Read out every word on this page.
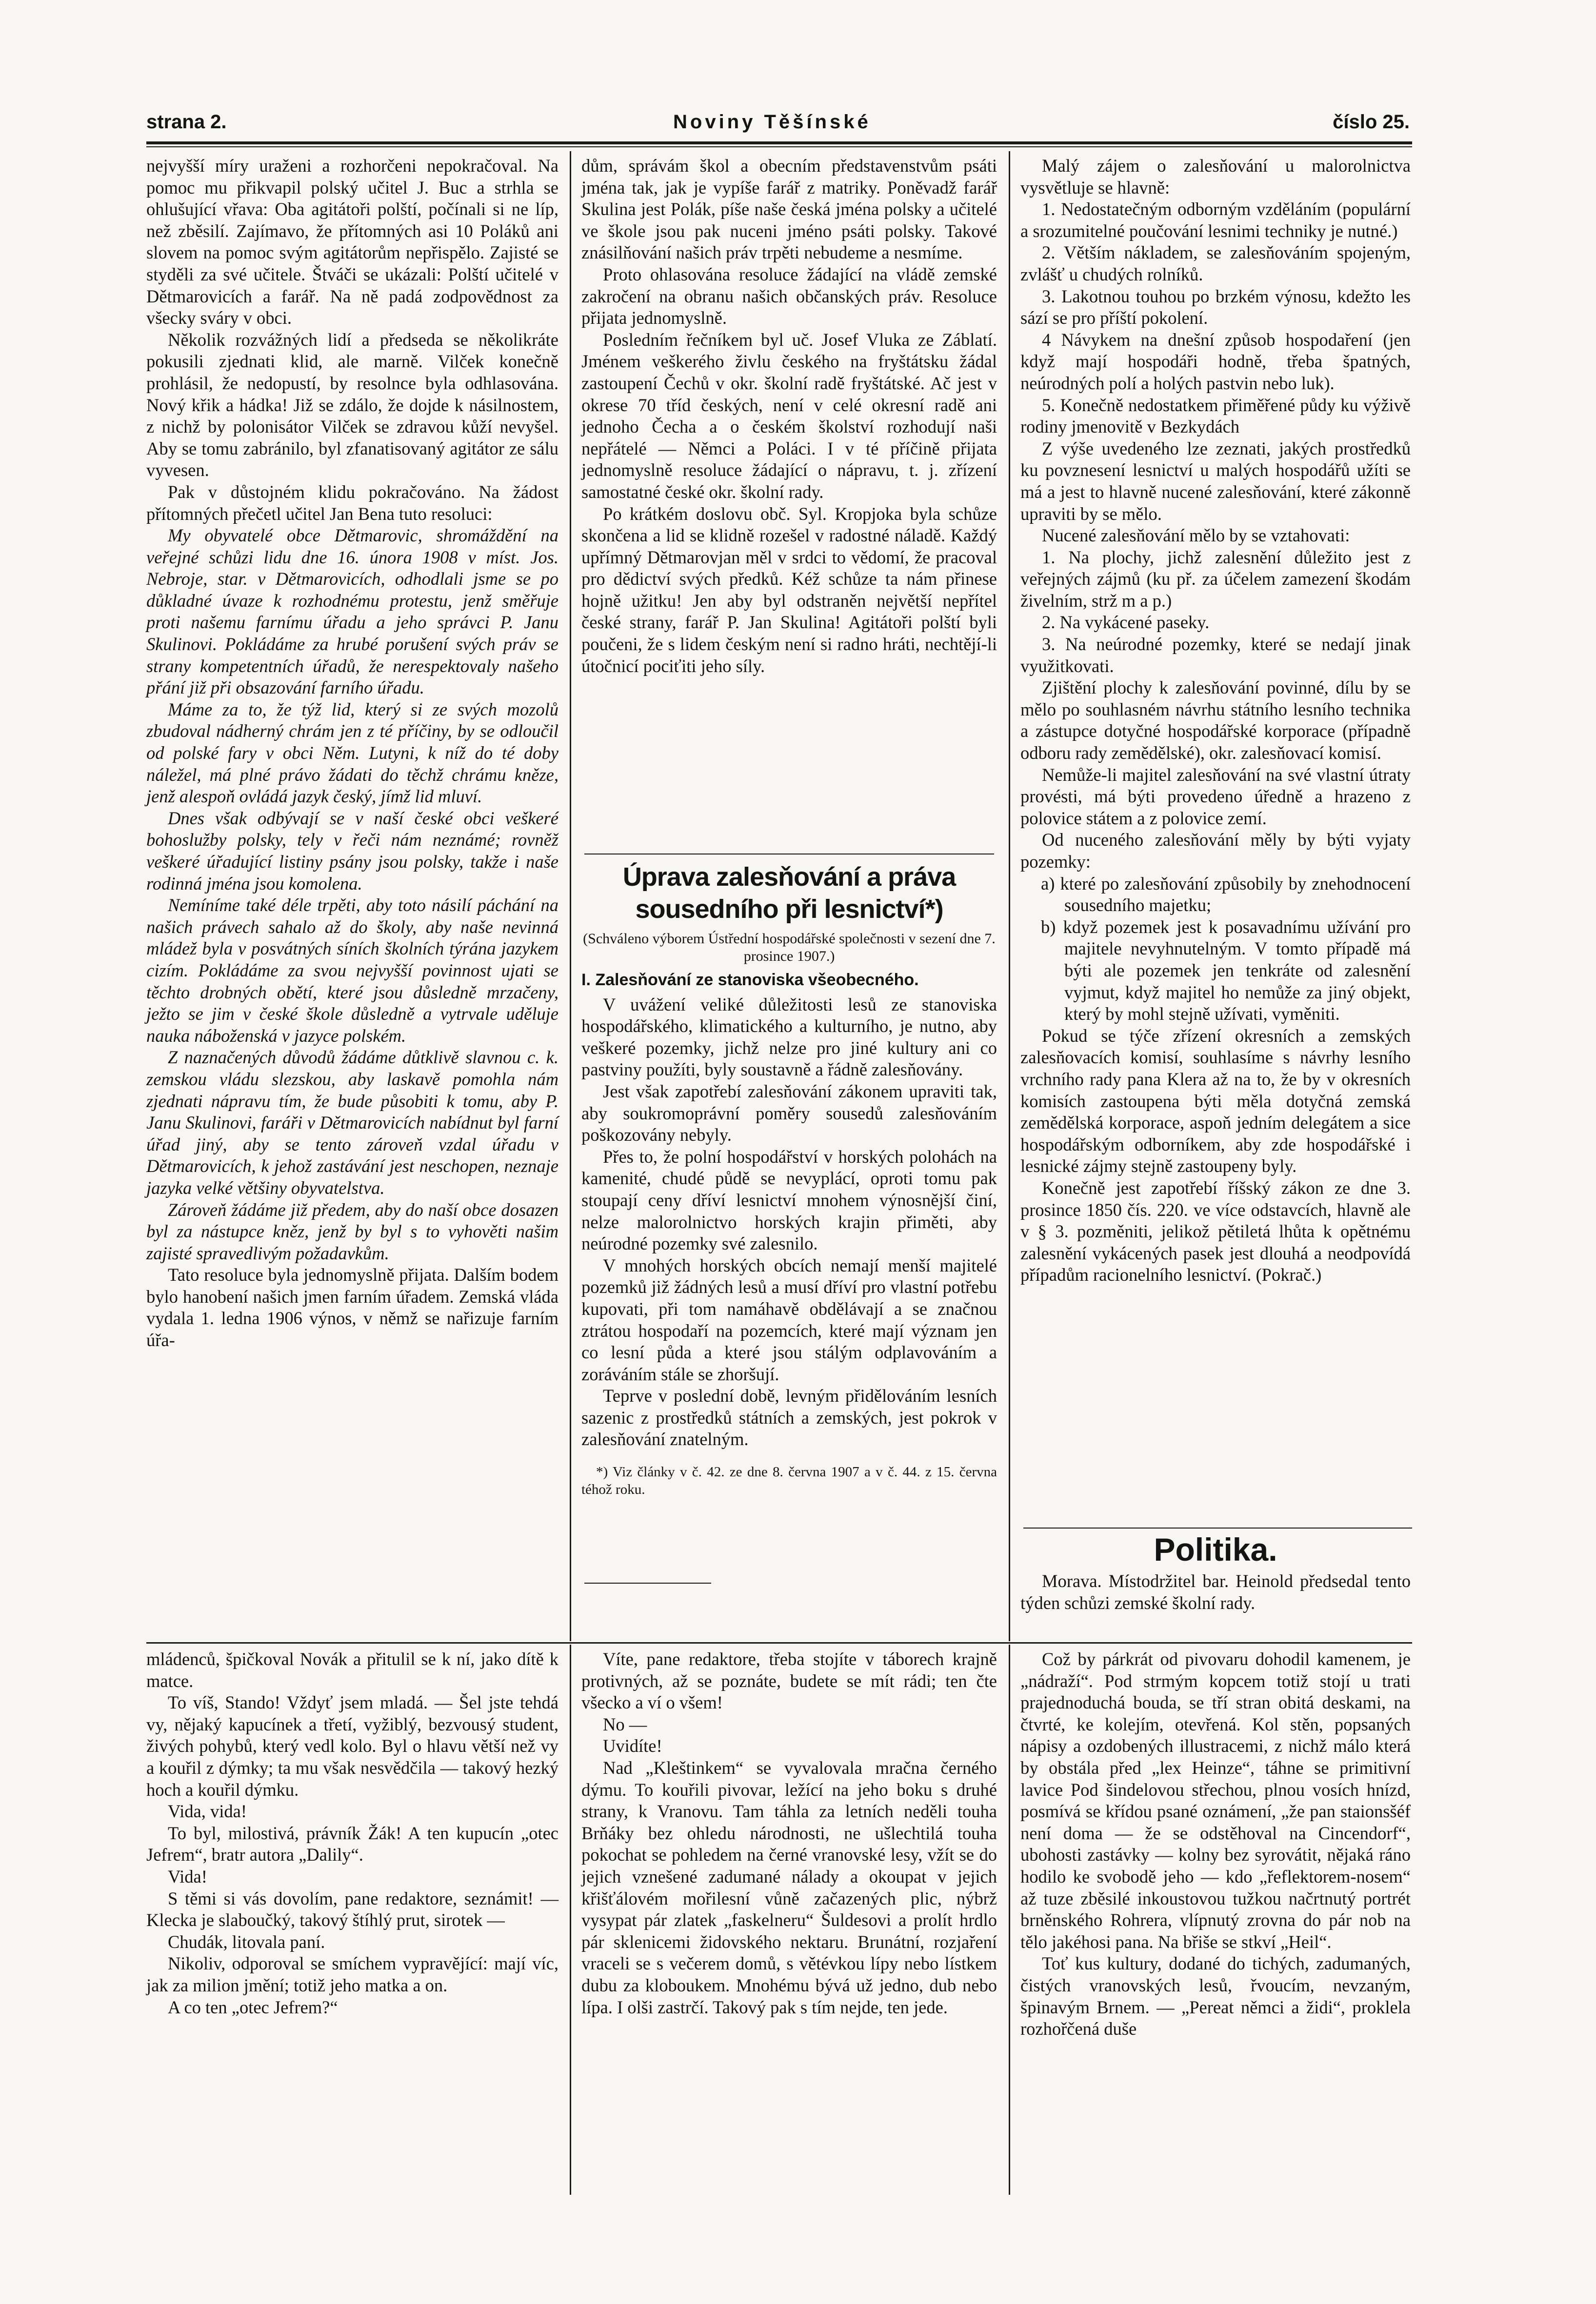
strana 2.	Noviny Těšínské	číslo 25.

nejvyšší míry uraženi a rozhorčeni nepokračoval. Na pomoc mu přikvapil polský učitel J. Buc a strhla se ohlušující vřava: Oba agitátoři polští, počínali si ne líp, než zběsilí. Zajímavo, že přítomných asi 10 Poláků ani slovem na pomoc svým agitátorům nepřispělo. Zajisté se styděli za své učitele. Štváči se ukázali: Polští učitelé v Dětmarovicích a farář. Na ně padá zodpovědnost za všecky sváry v obci.

Několik rozvážných lidí a předseda se několikráte pokusili zjednati klid, ale marně. Vilček konečně prohlásil, že nedopustí, by resolnce byla odhlasována. Nový křik a hádka! Již se zdálo, že dojde k násilnostem, z nichž by polonisátor Vilček se zdravou kůží nevyšel. Aby se tomu zabránilo, byl zfanatisovaný agitátor ze sálu vyvesen.

Pak v důstojném klidu pokračováno. Na žádost přítomných přečetl učitel Jan Bena tuto resoluci:

My obyvatelé obce Dětmarovic, shromáždění na veřejné schůzi lidu dne 16. února 1908 v míst. Jos. Nebroje, star. v Dětmarovicích, odhodlali jsme se po důkladné úvaze k rozhodnému protestu, jenž směřuje proti našemu farnímu úřadu a jeho správci P. Janu Skulinovi. Pokládáme za hrubé porušení svých práv se strany kompetentních úřadů, že nerespektovaly našeho přání již při obsazování farního úřadu.

Máme za to, že týž lid, který si ze svých mozolů zbudoval nádherný chrám jen z té příčiny, by se odloučil od polské fary v obci Něm. Lutyni, k níž do té doby náležel, má plné právo žádati do těchž chrámu kněze, jenž alespoň ovládá jazyk český, jímž lid mluví.

Dnes však odbývají se v naší české obci veškeré bohoslužby polsky, tely v řeči nám neznámé; rovněž veškeré úřadující listiny psány jsou polsky, takže i naše rodinná jména jsou komolena.

Nemíníme také déle trpěti, aby toto násilí páchání na našich právech sahalo až do školy, aby naše nevinná mládež byla v posvátných síních školních týrána jazykem cizím. Pokládáme za svou nejvyšší povinnost ujati se těchto drobných obětí, které jsou důsledně mrzačeny, ježto se jim v české škole důsledně a vytrvale uděluje nauka náboženská v jazyce polském.

Z naznačených důvodů žádáme důtklivě slavnou c. k. zemskou vládu slezskou, aby laskavě pomohla nám zjednati nápravu tím, že bude působiti k tomu, aby P. Janu Skulinovi, faráři v Dětmarovicích nabídnut byl farní úřad jiný, aby se tento zároveň vzdal úřadu v Dětmarovicích, k jehož zastávání jest neschopen, neznaje jazyka velké většiny obyvatelstva.

Zároveň žádáme již předem, aby do naší obce dosazen byl za nástupce kněz, jenž by byl s to vyhověti našim zajisté spravedlivým požadavkům.

Tato resoluce byla jednomyslně přijata. Dalším bodem bylo hanobení našich jmen farním úřadem. Zemská vláda vydala 1. ledna 1906 výnos, v němž se nařizuje farním úřa-

dům, správám škol a obecním představenstvům psáti jména tak, jak je vypíše farář z matriky. Poněvadž farář Skulina jest Polák, píše naše česká jména polsky a učitelé ve škole jsou pak nuceni jméno psáti polsky. Takové znásilňování našich práv trpěti nebudeme a nesmíme.

Proto ohlasována resoluce žádající na vládě zemské zakročení na obranu našich občanských práv. Resoluce přijata jednomyslně.

Posledním řečníkem byl uč. Josef Vluka ze Záblatí. Jménem veškerého živlu českého na fryštátsku žádal zastoupení Čechů v okr. školní radě fryštátské. Ač jest v okrese 70 tříd českých, není v celé okresní radě ani jednoho Čecha a o českém školství rozhodují naši nepřátelé — Němci a Poláci. I v té příčině přijata jednomyslně resoluce žádající o nápravu, t. j. zřízení samostatné české okr. školní rady.

Po krátkém doslovu obč. Syl. Kropjoka byla schůze skončena a lid se klidně rozešel v radostné náladě. Každý upřímný Dětmarovjan měl v srdci to vědomí, že pracoval pro dědictví svých předků. Kéž schůze ta nám přinese hojně užitku! Jen aby byl odstraněn největší nepřítel české strany, farář P. Jan Skulina! Agitátoři polští byli poučeni, že s lidem českým není si radno hráti, nechtějí-li útočnicí pociťiti jeho síly.

Úprava zalesňování a práva sousedního při lesnictví*)
(Schváleno výborem Ústřední hospodářské společnosti v sezení dne 7. prosince 1907.)
I. Zalesňování ze stanoviska všeobecného.

V uvážení veliké důležitosti lesů ze stanoviska hospodářského, klimatického a kulturního, je nutno, aby veškeré pozemky, jichž nelze pro jiné kultury ani co pastviny použíti, byly soustavně a řádně zalesňovány.

Jest však zapotřebí zalesňování zákonem upraviti tak, aby soukromoprávní poměry sousedů zalesňováním poškozovány nebyly.

Přes to, že polní hospodářství v horských polohách na kamenité, chudé půdě se nevyplácí, oproti tomu pak stoupají ceny dříví lesnictví mnohem výnosnější činí, nelze malorolnictvo horských krajin přiměti, aby neúrodné pozemky své zalesnilo.

V mnohých horských obcích nemají menší majitelé pozemků již žádných lesů a musí dříví pro vlastní potřebu kupovati, při tom namáhavě obdělávají a se značnou ztrátou hospodaří na pozemcích, které mají význam jen co lesní půda a které jsou stálým odplavováním a zoráváním stále se zhoršují.

Teprve v poslední době, levným přidělováním lesních sazenic z prostředků státních a zemských, jest pokrok v zalesňování znatelným.

*) Viz články v č. 42. ze dne 8. června 1907 a v č. 44. z 15. června téhož roku.

Malý zájem o zalesňování u malorolnictva vysvětluje se hlavně:

1. Nedostatečným odborným vzděláním (populární a srozumitelné poučování lesnimi techniky je nutné.)

2. Větším nákladem, se zalesňováním spojeným, zvlášť u chudých rolníků.

3. Lakotnou touhou po brzkém výnosu, kdežto les sází se pro příští pokolení.

4 Návykem na dnešní způsob hospodaření (jen když mají hospodáři hodně, třeba špatných, neúrodných polí a holých pastvin nebo luk).

5. Konečně nedostatkem přiměřené půdy ku výživě rodiny jmenovitě v Bezkydách

Z výše uvedeného lze zeznati, jakých prostředků ku povznesení lesnictví u malých hospodářů užíti se má a jest to hlavně nucené zalesňování, které zákonně upraviti by se mělo.

Nucené zalesňování mělo by se vztahovati:

1. Na plochy, jichž zalesnění důležito jest z veřejných zájmů (ku př. za účelem zamezení škodám živelním, strž m a p.)

2. Na vykácené paseky.

3. Na neúrodné pozemky, které se nedají jinak využitkovati.

Zjištění plochy k zalesňování povinné, dílu by se mělo po souhlasném návrhu státního lesního technika a zástupce dotyčné hospodářské korporace (případně odboru rady zemědělské), okr. zalesňovací komisí.

Nemůže-li majitel zalesňování na své vlastní útraty provésti, má býti provedeno úředně a hrazeno z polovice státem a z polovice zemí.

Od nuceného zalesňování měly by býti vyjaty pozemky:

a) které po zalesňování způsobily by znehodnocení sousedního majetku;

b) když pozemek jest k posavadnímu užívání pro majitele nevyhnutelným. V tomto případě má býti ale pozemek jen tenkráte od zalesnění vyjmut, když majitel ho nemůže za jiný objekt, který by mohl stejně užívati, vyměniti.

Pokud se týče zřízení okresních a zemských zalesňovacích komisí, souhlasíme s návrhy lesního vrchního rady pana Klera až na to, že by v okresních komisích zastoupena býti měla dotyčná zemská zemědělská korporace, aspoň jedním delegátem a sice hospodářským odborníkem, aby zde hospodářské i lesnické zájmy stejně zastoupeny byly.

Konečně jest zapotřebí říšský zákon ze dne 3. prosince 1850 čís. 220. ve více odstavcích, hlavně ale v § 3. pozměniti, jelikož pětiletá lhůta k opětnému zalesnění vykácených pasek jest dlouhá a neodpovídá případům racionelního lesnictví. (Pokrač.)

Politika.

Morava. Místodržitel bar. Heinold předsedal tento týden schůzi zemské školní rady.

mládenců, špičkoval Novák a přitulil se k ní, jako dítě k matce.

To víš, Stando! Vždyť jsem mladá. — Šel jste tehdá vy, nějaký kapucínek a třetí, vyžiblý, bezvousý student, živých pohybů, který vedl kolo. Byl o hlavu větší než vy a kouřil z dýmky; ta mu však nesvědčila — takový hezký hoch a kouřil dýmku.

Vida, vida!

To byl, milostivá, právník Žák! A ten kupucín „otec Jefrem“, bratr autora „Dalily“.

Vida!

S těmi si vás dovolím, pane redaktore, seznámit! — Klecka je slaboučký, takový štíhlý prut, sirotek —

Chudák, litovala paní.

Nikoliv, odporoval se smíchem vypravějící: mají víc, jak za milion jmění; totiž jeho matka a on.

A co ten „otec Jefrem?“

Víte, pane redaktore, třeba stojíte v táborech krajně protivných, až se poznáte, budete se mít rádi; ten čte všecko a ví o všem!

No —

Uvidíte!

Nad „Kleštinkem“ se vyvalovala mračna černého dýmu. To kouřili pivovar, ležící na jeho boku s druhé strany, k Vranovu. Tam táhla za letních neděli touha Brňáky bez ohledu národnosti, ne ušlechtilá touha pokochat se pohledem na černé vranovské lesy, vžít se do jejich vznešené zadumané nálady a okoupat v jejich křišťálovém mořilesní vůně začazených plic, nýbrž vysypat pár zlatek „faskelneru“ Šuldesovi a prolít hrdlo pár sklenicemi židovského nektaru. Brunátní, rozjaření vraceli se s večerem domů, s větévkou lípy nebo lístkem dubu za kloboukem. Mnohému bývá už jedno, dub nebo lípa. I olši zastrčí. Takový pak s tím nejde, ten jede.

Což by párkrát od pivovaru dohodil kamenem, je „nádraží“. Pod strmým kopcem totiž stojí u trati prajednoduchá bouda, se tří stran obitá deskami, na čtvrté, ke kolejím, otevřená. Kol stěn, popsaných nápisy a ozdobených illustracemi, z nichž málo která by obstála před „lex Heinze“, táhne se primitivní lavice Pod šindelovou střechou, plnou vosích hnízd, posmívá se křídou psané oznámení, „že pan staionsšéf není doma — že se odstěhoval na Cincendorf“, ubohosti zastávky — kolny bez syrovátit, nějaká ráno hodilo ke svobodě jeho — kdo „řeflektorem-nosem“ až tuze zběsilé inkoustovou tužkou načrtnutý portrét brněnského Rohrera, vlípnutý zrovna do pár nob na tělo jakéhosi pana. Na břiše se stkví „Heil“.

Toť kus kultury, dodané do tichých, zadumaných, čistých vranovských lesů, řvoucím, nevzaným, špinavým Brnem. — „Pereat němci a židi“, proklela rozhořčená duše
